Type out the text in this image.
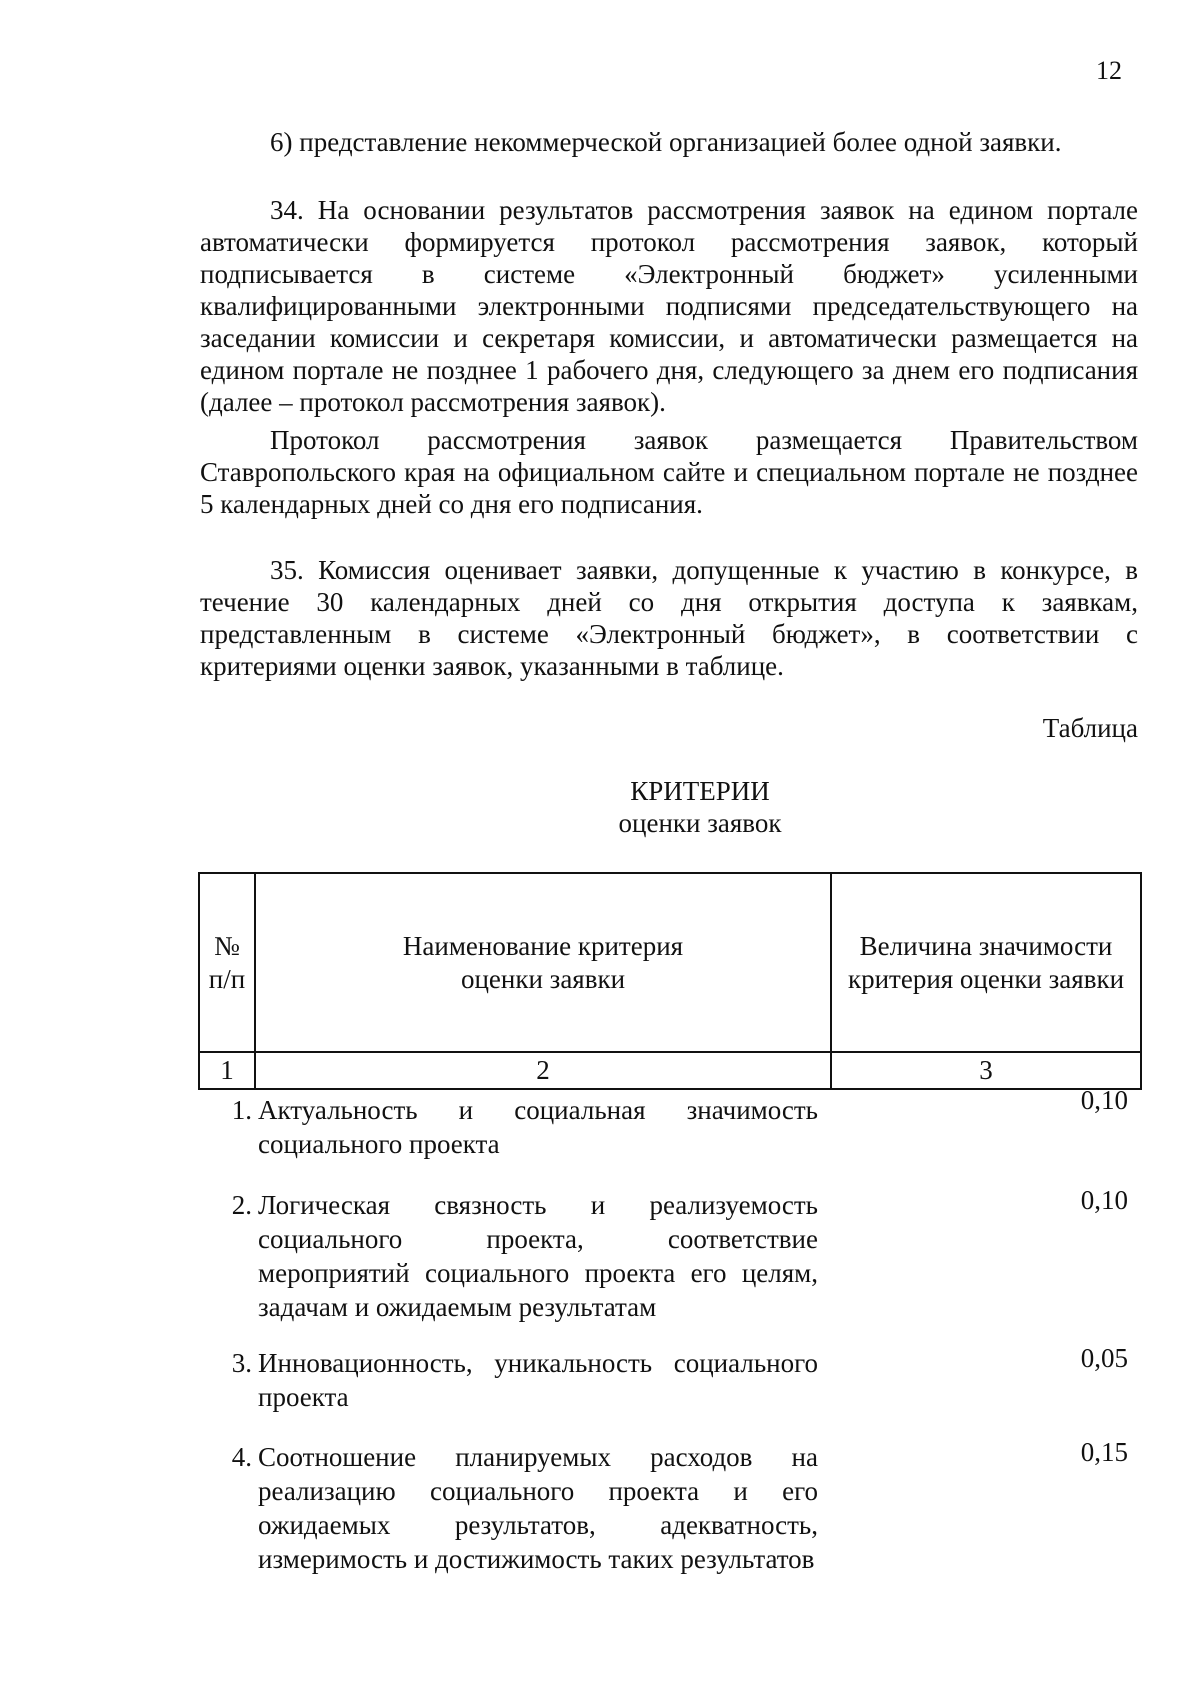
12
6) представление некоммерческой организацией более одной заявки.
34. На основании результатов рассмотрения заявок на едином портале автоматически формируется протокол рассмотрения заявок, который подписывается в системе «Электронный бюджет» усиленными квалифицированными электронными подписями председательствующего на заседании комиссии и секретаря комиссии, и автоматически размещается на едином портале не позднее 1 рабочего дня, следующего за днем его подписания (далее – протокол рассмотрения заявок).
Протокол рассмотрения заявок размещается Правительством Ставропольского края на официальном сайте и специальном портале не позднее 5 календарных дней со дня его подписания.
35. Комиссия оценивает заявки, допущенные к участию в конкурсе, в течение 30 календарных дней со дня открытия доступа к заявкам, представленным в системе «Электронный бюджет», в соответствии с критериями оценки заявок, указанными в таблице.
Таблица
КРИТЕРИИ
оценки заявок
№ п/п
Наименование критерия оценки заявки
Величина значимости критерия оценки заявки
1	2	3
1. Актуальность и социальная значимость социального проекта
0,10
2. Логическая связность и реализуемость социального проекта, соответствие мероприятий социального проекта его целям, задачам и ожидаемым результатам
0,10
3. Инновационность, уникальность социального проекта
0,05
4. Соотношение планируемых расходов на реализацию социального проекта и его ожидаемых результатов, адекватность, измеримость и достижимость таких результатов
0,15
